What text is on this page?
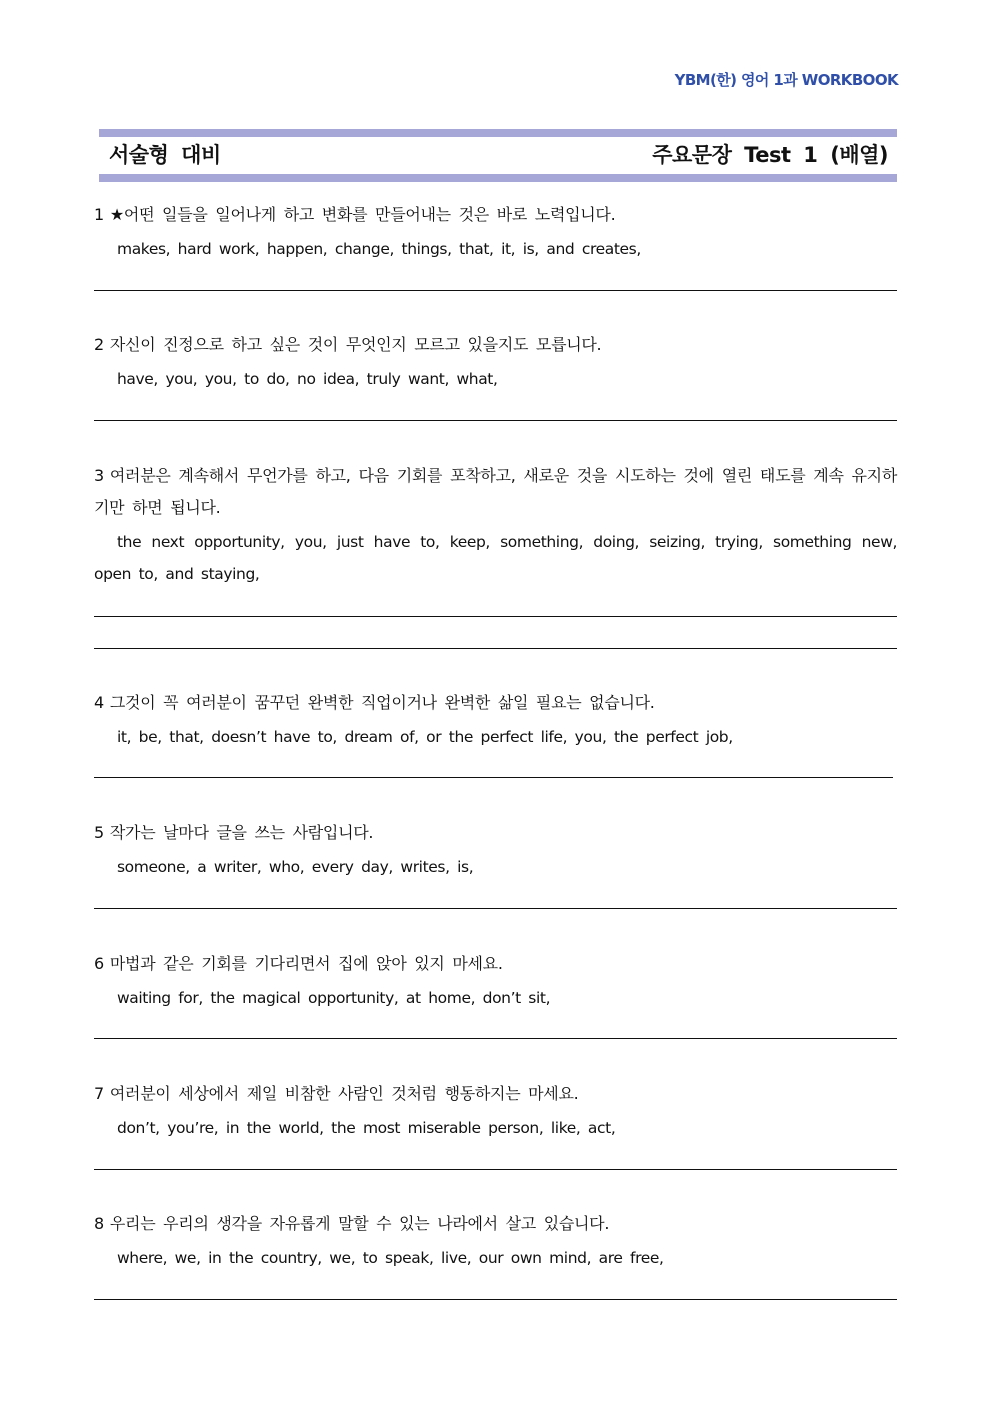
YBM(한) 영어 1과 WORKBOOK
서술형 대비	주요문장 Test 1 (배열)

1 ★어떤 일들을 일어나게 하고 변화를 만들어내는 것은 바로 노력입니다.

makes, hard work, happen, change, things, that, it, is, and creates,

2 자신이 진정으로 하고 싶은 것이 무엇인지 모르고 있을지도 모릅니다.

have, you, you, to do, no idea, truly want, what,

3 여러분은 계속해서 무언가를 하고, 다음 기회를 포착하고, 새로운 것을 시도하는 것에 열린 태도를 계속 유지하기만 하면 됩니다.

the next opportunity, you, just have to, keep, something, doing, seizing, trying, something new, open to, and staying,

4 그것이 꼭 여러분이 꿈꾸던 완벽한 직업이거나 완벽한 삶일 필요는 없습니다.

it, be, that, doesn’t have to, dream of, or the perfect life, you, the perfect job,

5 작가는 날마다 글을 쓰는 사람입니다.

someone, a writer, who, every day, writes, is,

6 마법과 같은 기회를 기다리면서 집에 앉아 있지 마세요.

waiting for, the magical opportunity, at home, don’t sit,

7 여러분이 세상에서 제일 비참한 사람인 것처럼 행동하지는 마세요.

don’t, you’re, in the world, the most miserable person, like, act,

8 우리는 우리의 생각을 자유롭게 말할 수 있는 나라에서 살고 있습니다.

where, we, in the country, we, to speak, live, our own mind, are free,
